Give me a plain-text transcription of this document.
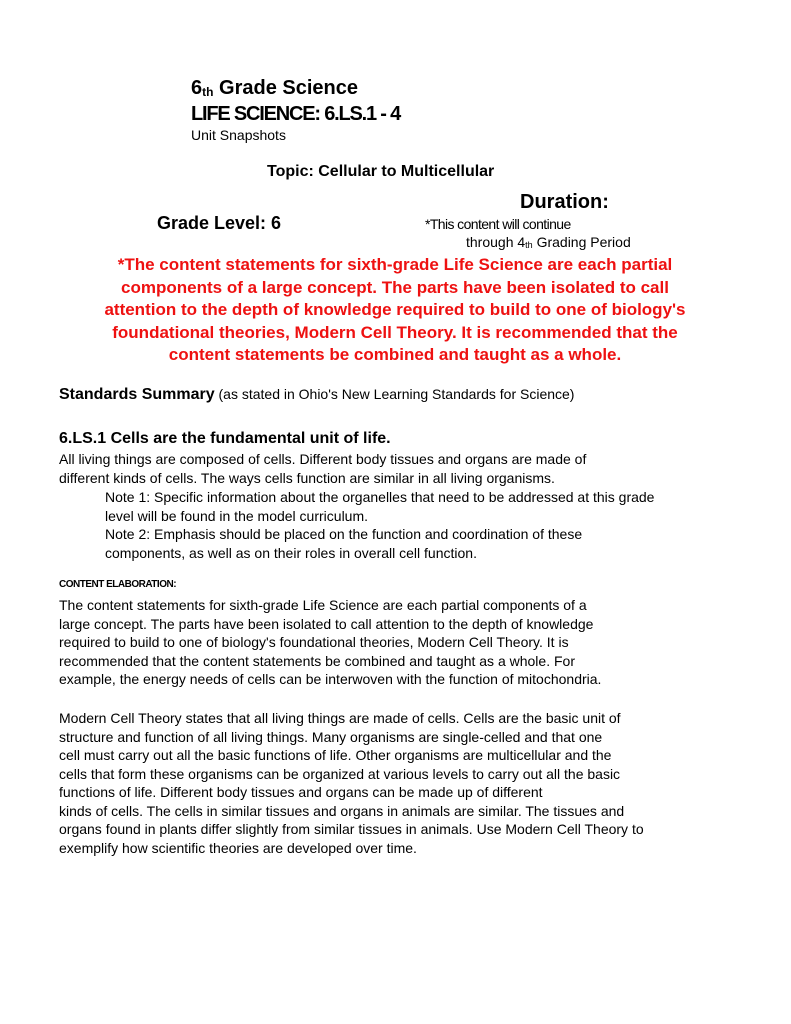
$6_{th}$ Grade Science
LIFE SCIENCE: 6.LS.1 - 4
Unit Snapshots
Topic: Cellular to Multicellular
Duration:
Grade Level: 6	*This content will continue
through $4_{th}$ Grading Period
*The content statements for sixth-grade Life Science are each partial
components of a large concept. The parts have been isolated to call
attention to the depth of knowledge required to build to one of biology's
foundational theories, Modern Cell Theory. It is recommended that the
content statements be combined and taught as a whole.
Standards Summary (as stated in Ohio's New Learning Standards for Science)
6.LS.1 Cells are the fundamental unit of life.
All living things are composed of cells. Different body tissues and organs are made of
different kinds of cells. The ways cells function are similar in all living organisms.
Note 1: Specific information about the organelles that need to be addressed at this grade
level will be found in the model curriculum.
Note 2: Emphasis should be placed on the function and coordination of these
components, as well as on their roles in overall cell function.
CONTENT ELABORATION:
The content statements for sixth-grade Life Science are each partial components of a
large concept. The parts have been isolated to call attention to the depth of knowledge
required to build to one of biology's foundational theories, Modern Cell Theory. It is
recommended that the content statements be combined and taught as a whole. For
example, the energy needs of cells can be interwoven with the function of mitochondria.
Modern Cell Theory states that all living things are made of cells. Cells are the basic unit of
structure and function of all living things. Many organisms are single-celled and that one
cell must carry out all the basic functions of life. Other organisms are multicellular and the
cells that form these organisms can be organized at various levels to carry out all the basic
functions of life. Different body tissues and organs can be made up of different
kinds of cells. The cells in similar tissues and organs in animals are similar. The tissues and
organs found in plants differ slightly from similar tissues in animals. Use Modern Cell Theory to
exemplify how scientific theories are developed over time.
